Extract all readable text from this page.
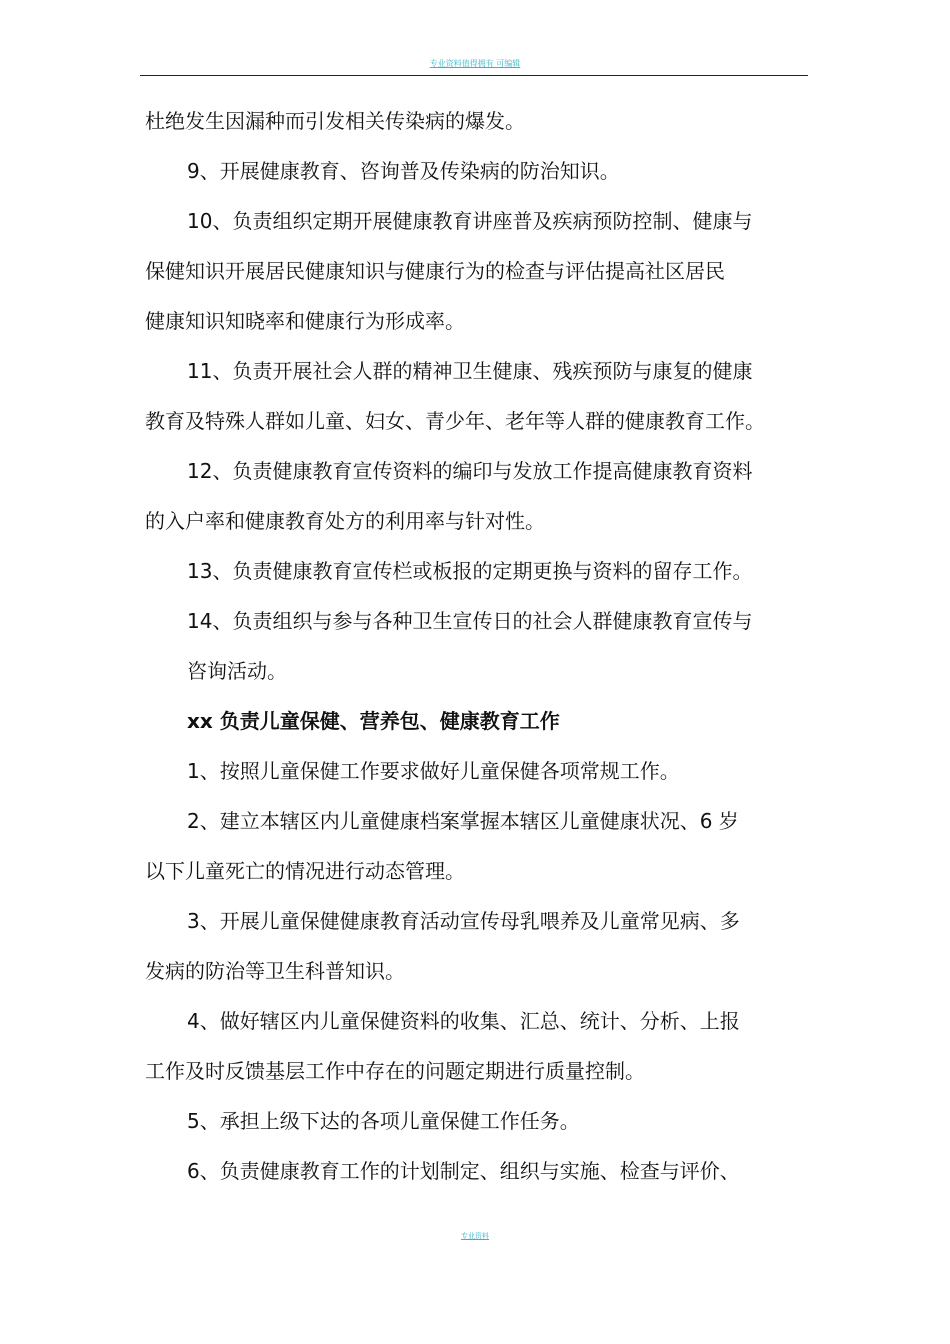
专业资料值得拥有 可编辑
杜绝发生因漏种而引发相关传染病的爆发。
9、开展健康教育、咨询普及传染病的防治知识。
10、负责组织定期开展健康教育讲座普及疾病预防控制、健康与
保健知识开展居民健康知识与健康行为的检查与评估提高社区居民
健康知识知晓率和健康行为形成率。
11、负责开展社会人群的精神卫生健康、残疾预防与康复的健康
教育及特殊人群如儿童、妇女、青少年、老年等人群的健康教育工作。
12、负责健康教育宣传资料的编印与发放工作提高健康教育资料
的入户率和健康教育处方的利用率与针对性。
13、负责健康教育宣传栏或板报的定期更换与资料的留存工作。
14、负责组织与参与各种卫生宣传日的社会人群健康教育宣传与
咨询活动。
xx 负责儿童保健、营养包、健康教育工作
1、按照儿童保健工作要求做好儿童保健各项常规工作。
2、建立本辖区内儿童健康档案掌握本辖区儿童健康状况、6 岁
以下儿童死亡的情况进行动态管理。
3、开展儿童保健健康教育活动宣传母乳喂养及儿童常见病、多
发病的防治等卫生科普知识。
4、做好辖区内儿童保健资料的收集、汇总、统计、分析、上报
工作及时反馈基层工作中存在的问题定期进行质量控制。
5、承担上级下达的各项儿童保健工作任务。
6、负责健康教育工作的计划制定、组织与实施、检查与评价、
专业资料
